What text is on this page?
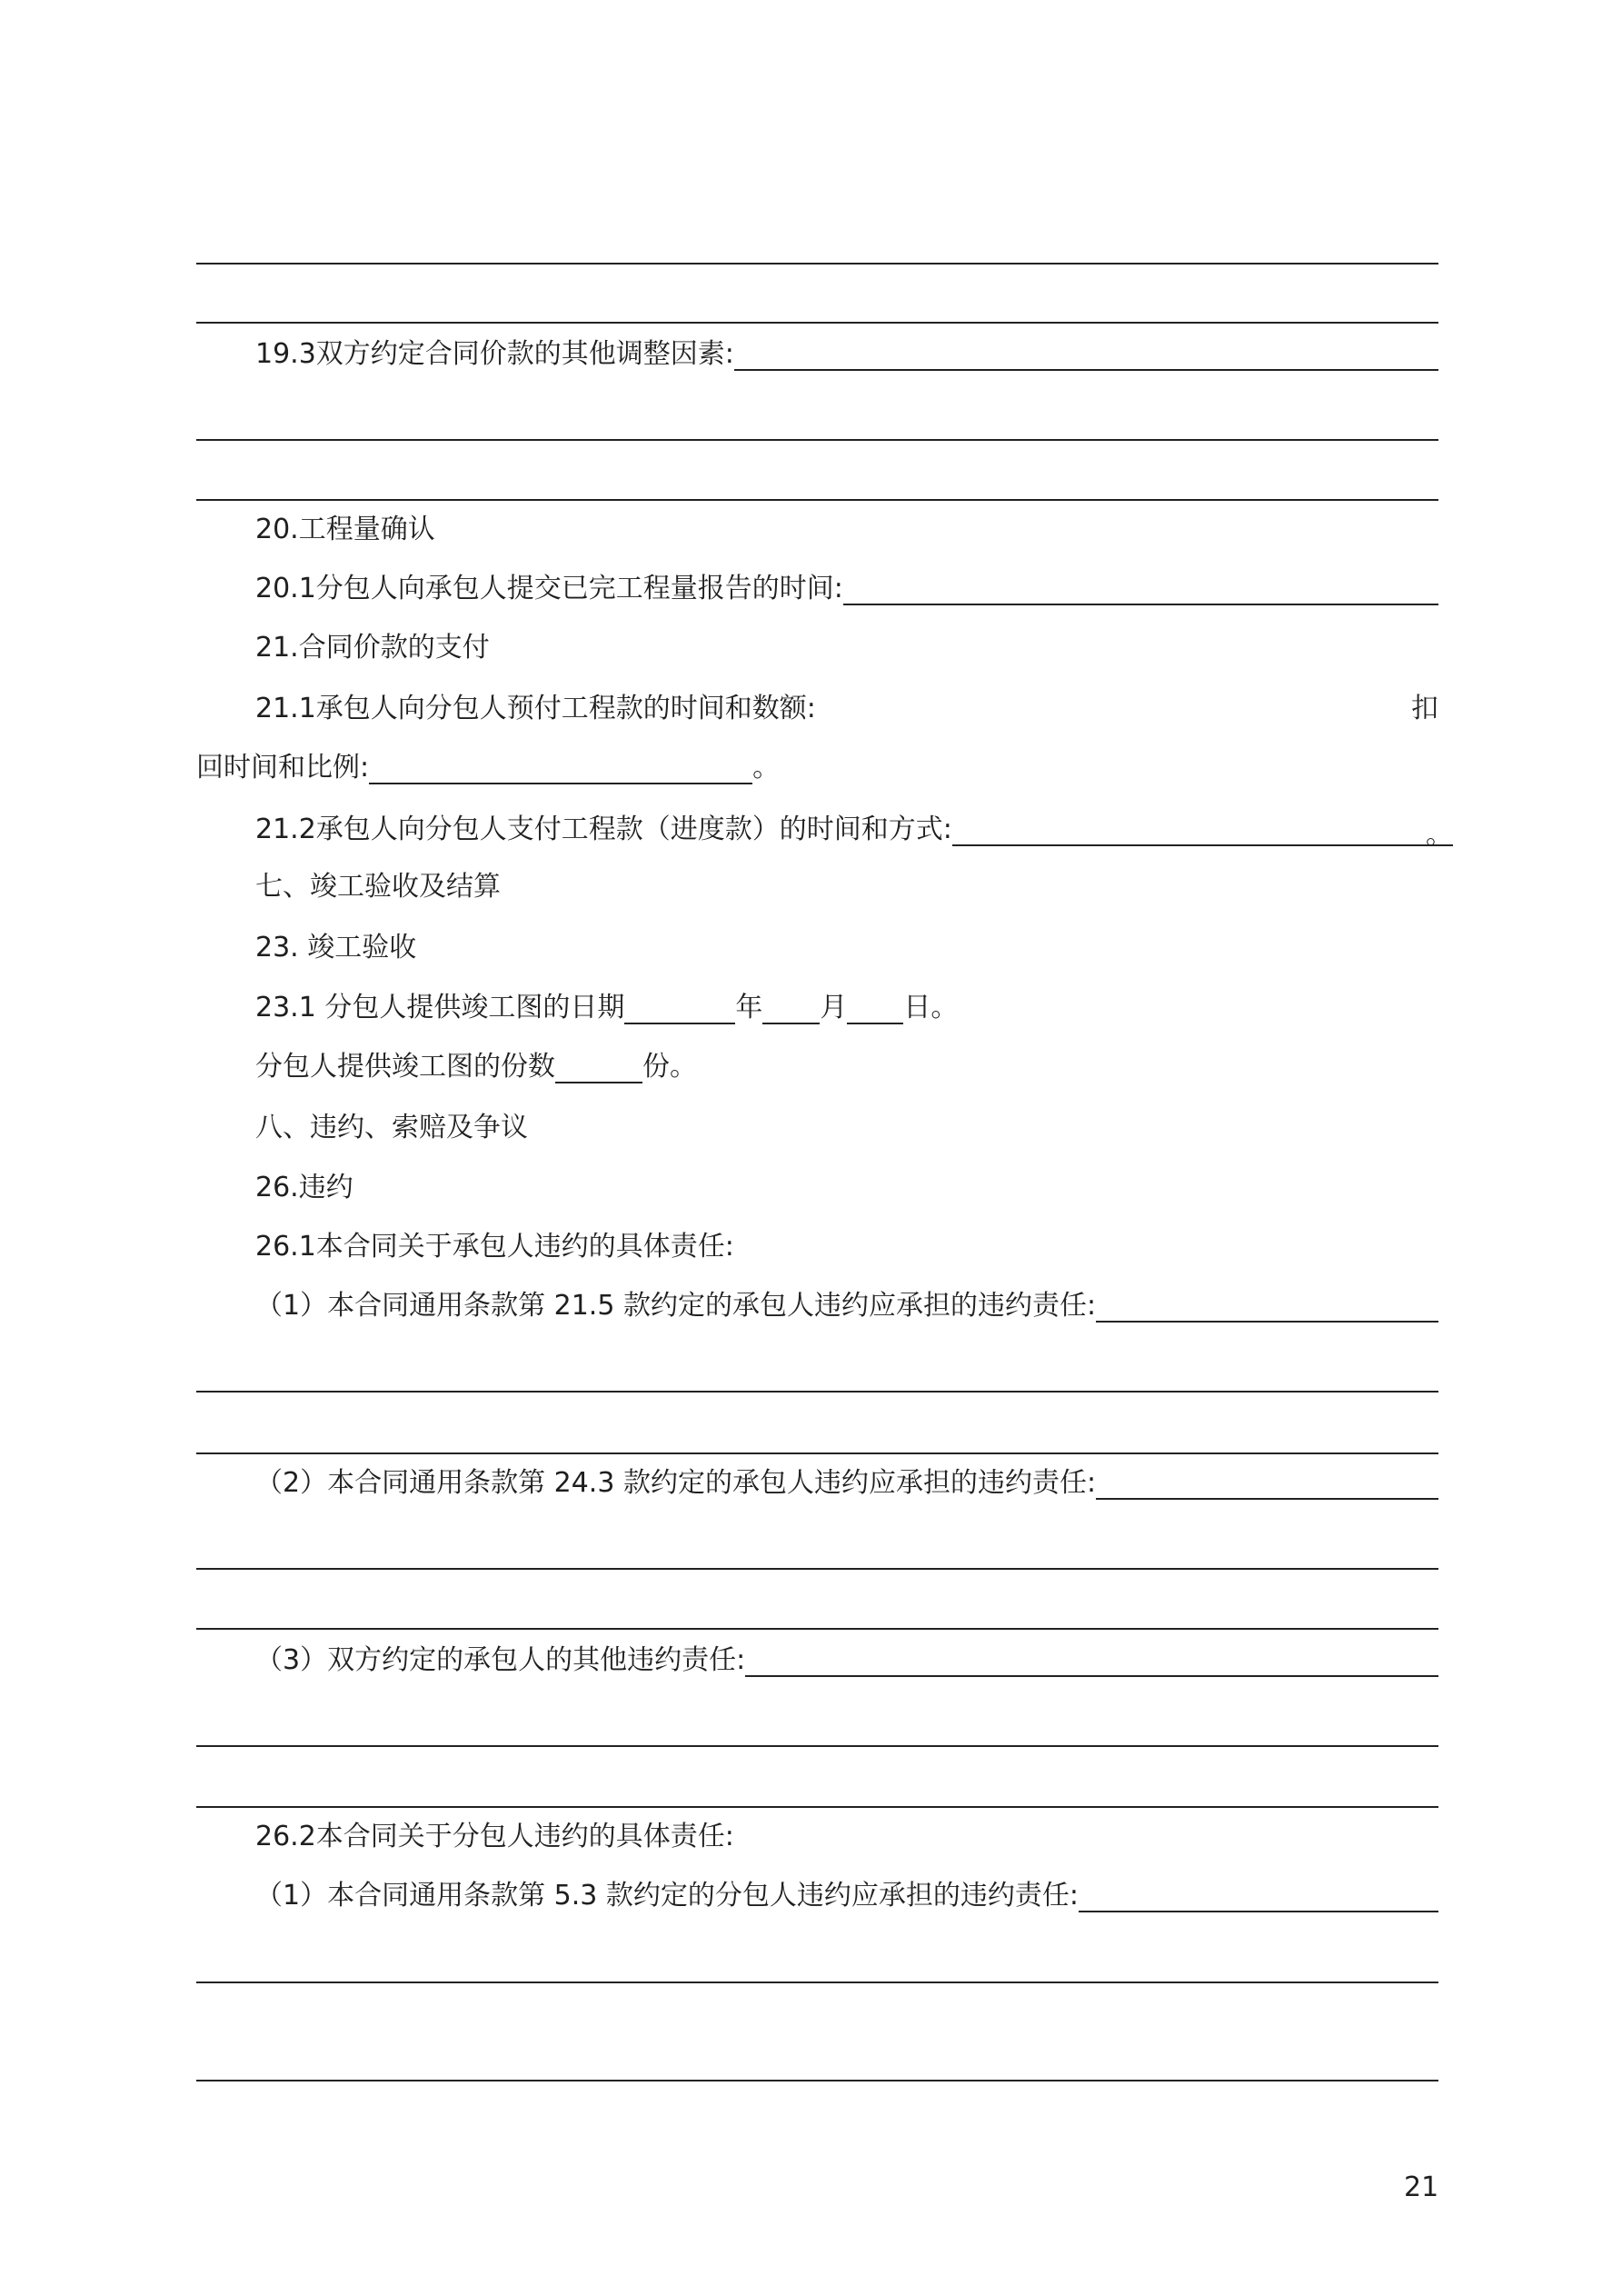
19.3双方约定合同价款的其他调整因素:
20.工程量确认
20.1分包人向承包人提交已完工程量报告的时间:
21.合同价款的支付
21.1承包人向分包人预付工程款的时间和数额:	扣
回时间和比例:	。
21.2承包人向分包人支付工程款（进度款）的时间和方式:	。
七、竣工验收及结算
23. 竣工验收
23.1 分包人提供竣工图的日期	年 月 日。
分包人提供竣工图的份数	份。
八、违约、索赔及争议
26.违约
26.1本合同关于承包人违约的具体责任:
（1）本合同通用条款第 21.5 款约定的承包人违约应承担的违约责任:
（2）本合同通用条款第 24.3 款约定的承包人违约应承担的违约责任:
（3）双方约定的承包人的其他违约责任:
26.2本合同关于分包人违约的具体责任:
（1）本合同通用条款第 5.3 款约定的分包人违约应承担的违约责任:
21
